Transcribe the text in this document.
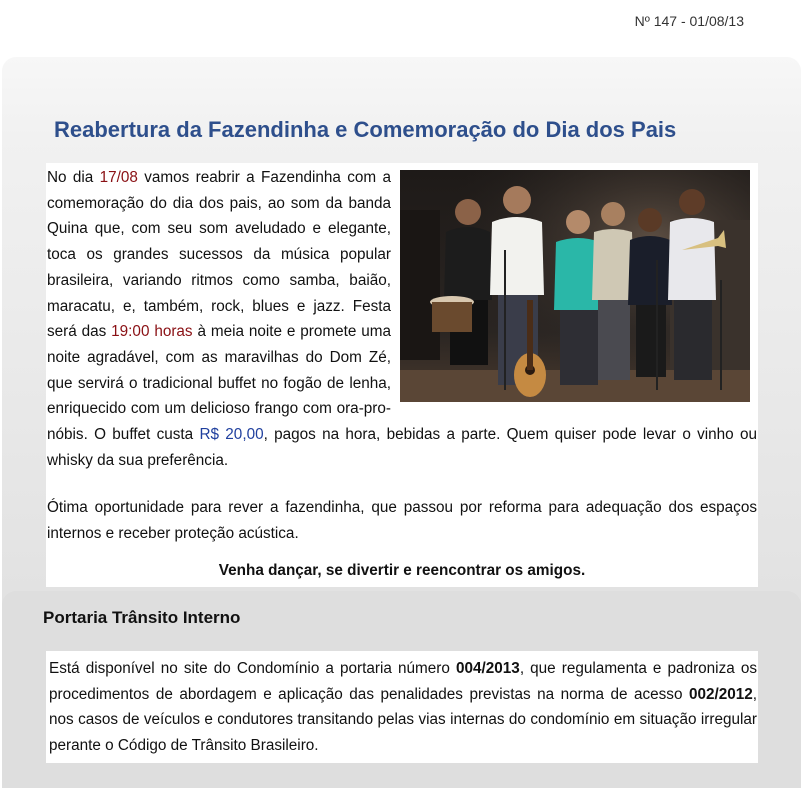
Nº 147 - 01/08/13
Reabertura da Fazendinha e Comemoração do Dia dos Pais
No dia 17/08 vamos reabrir a Fazendinha com a comemoração do dia dos pais, ao som da banda Quina que, com seu som aveludado e elegante, toca os grandes sucessos da música popular brasileira, variando ritmos como samba, baião, maracatu, e, também, rock, blues e jazz. Festa será das 19:00 horas à meia noite e promete uma noite agradável, com as maravilhas do Dom Zé, que servirá o tradicional buffet no fogão de lenha, enriquecido com um delicioso frango com ora-pro-nóbis. O buffet custa R$ 20,00, pagos na hora, bebidas a parte. Quem quiser pode levar o vinho ou whisky da sua preferência.
Ótima oportunidade para rever a fazendinha, que passou por reforma para adequação dos espaços internos e receber proteção acústica.
Venha dançar, se divertir e reencontrar os amigos.
Portaria Trânsito Interno
Está disponível no site do Condomínio a portaria número 004/2013, que regulamenta e padroniza os procedimentos de abordagem e aplicação das penalidades previstas na norma de acesso 002/2012, nos casos de veículos e condutores transitando pelas vias internas do condomínio em situação irregular perante o Código de Trânsito Brasileiro.
